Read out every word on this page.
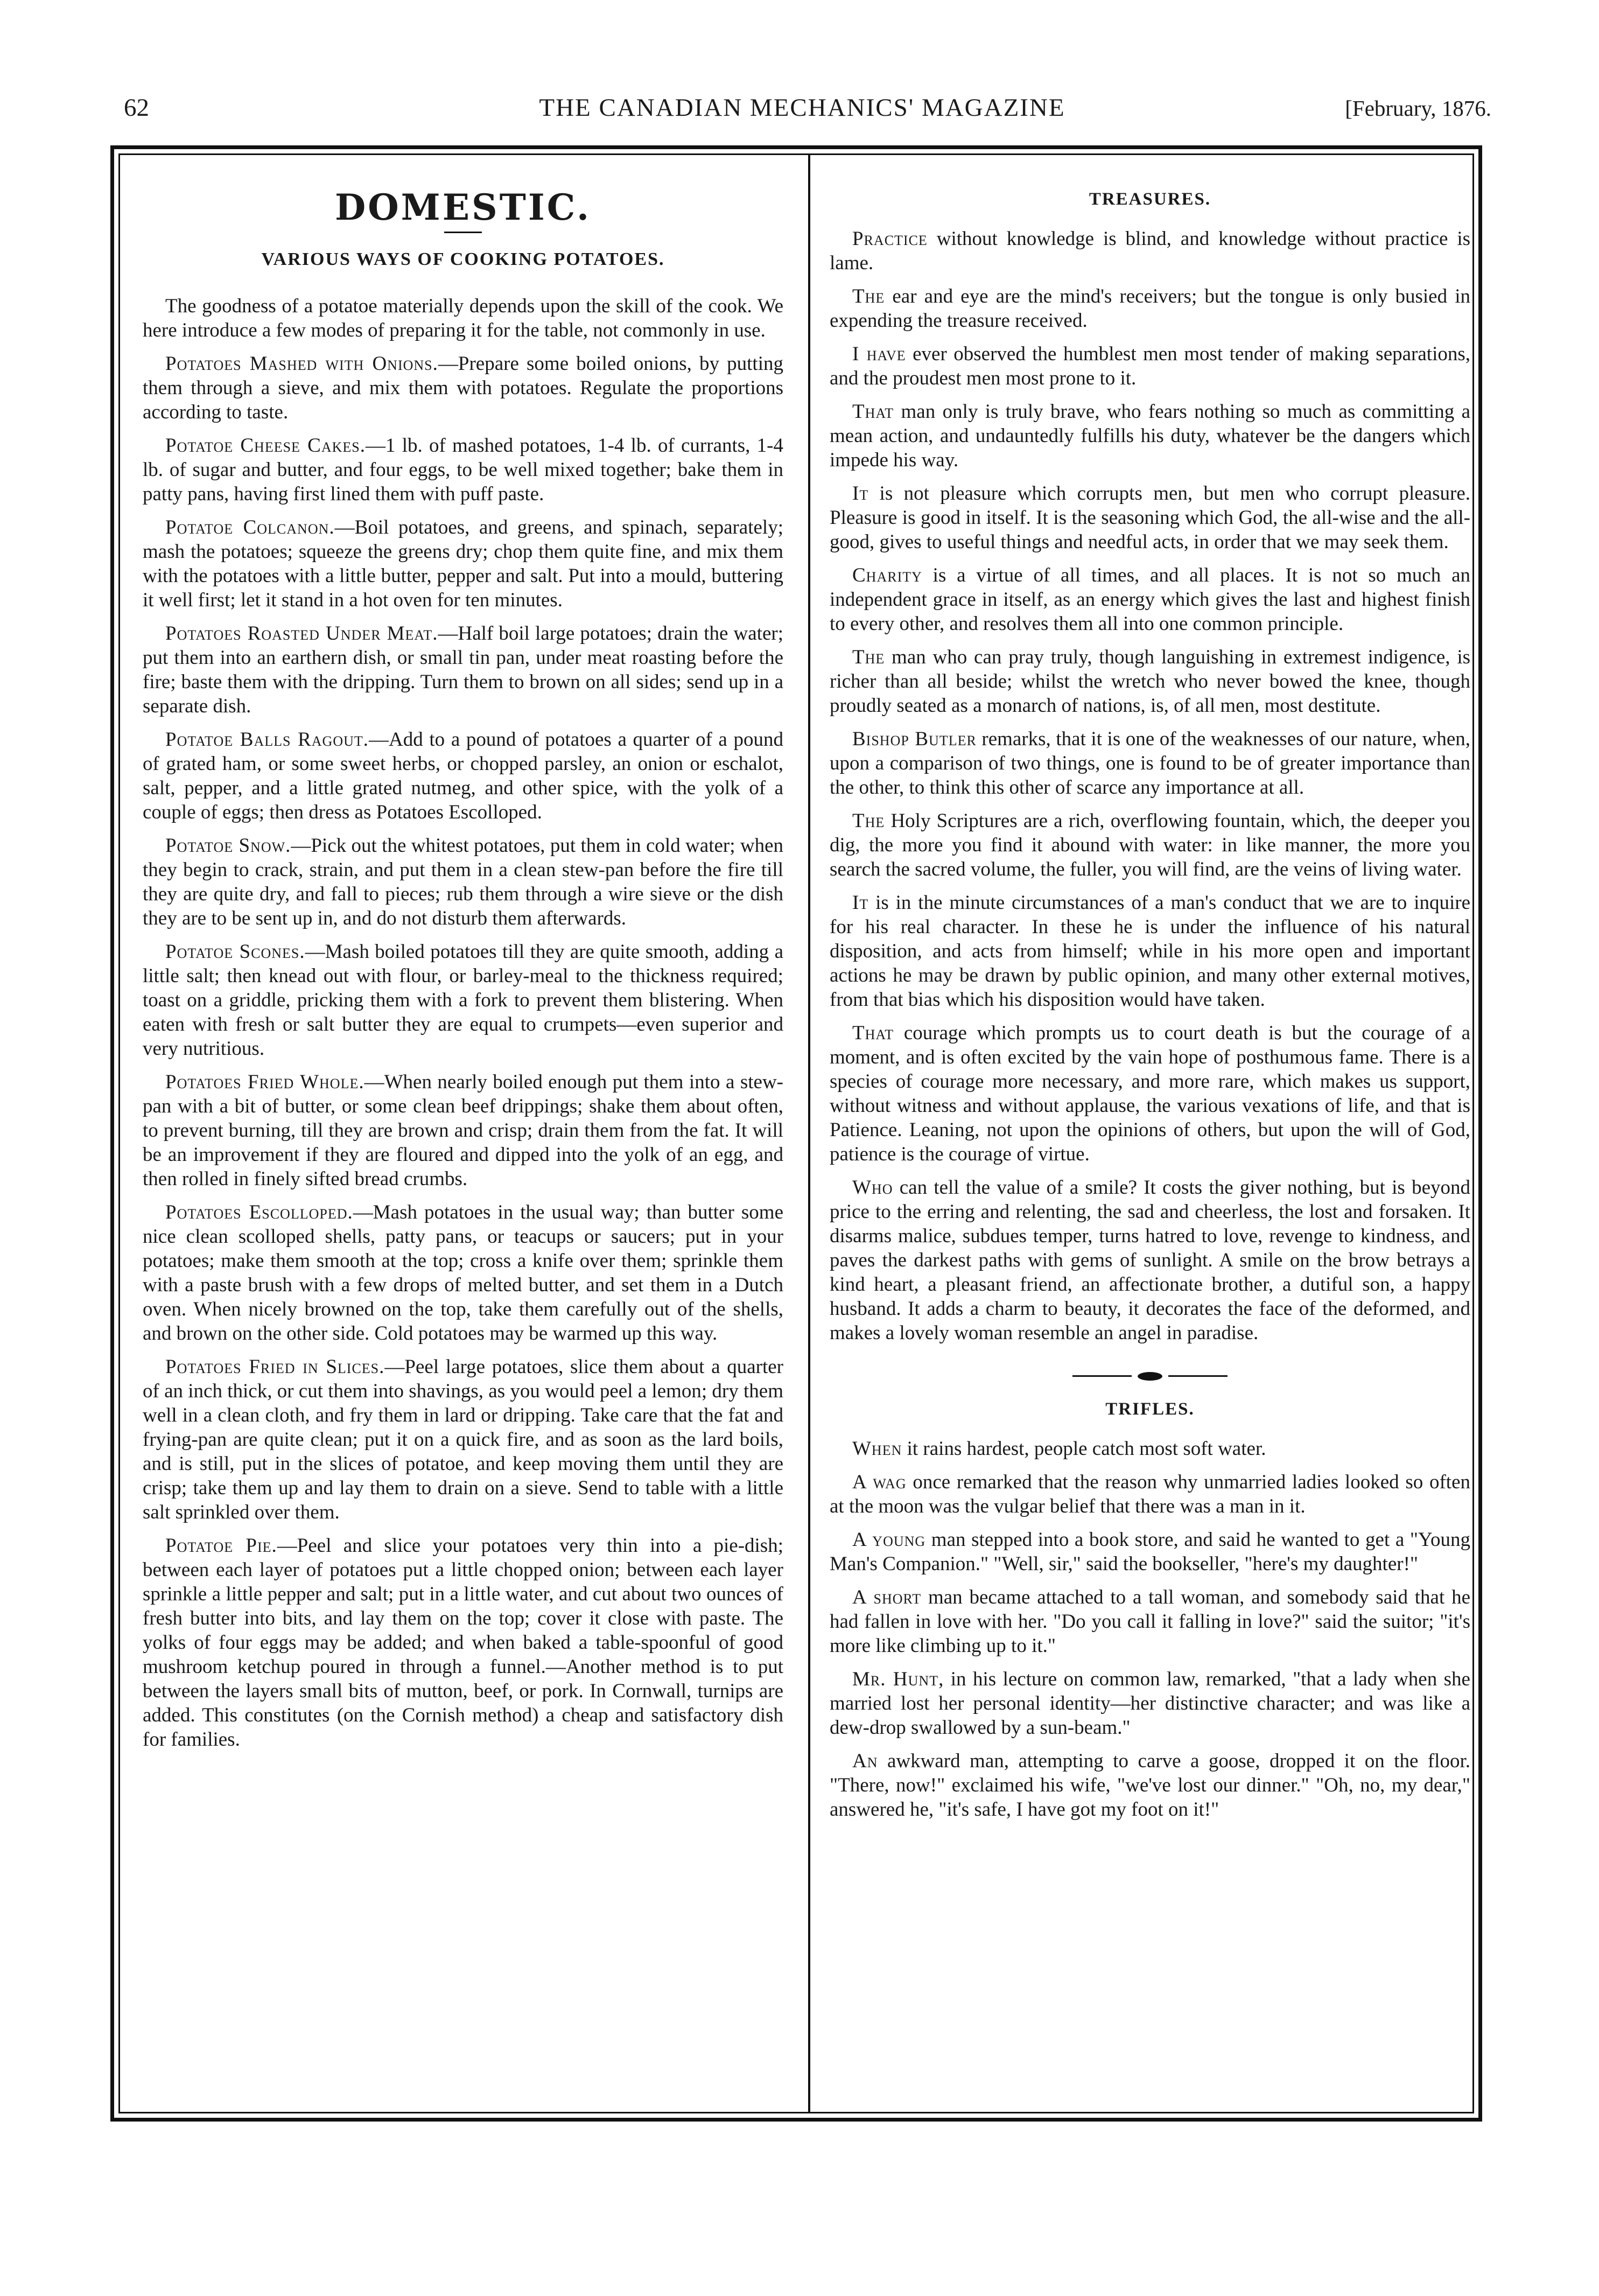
62	THE CANADIAN MECHANICS' MAGAZINE	[February, 1876.
DOMESTIC.
VARIOUS WAYS OF COOKING POTATOES.

The goodness of a potatoe materially depends upon the skill of the cook. We here introduce a few modes of preparing it for the table, not commonly in use.

Potatoes Mashed with Onions.—Prepare some boiled onions, by putting them through a sieve, and mix them with potatoes. Regulate the proportions according to taste.

Potatoe Cheese Cakes.—1 lb. of mashed potatoes, 1-4 lb. of currants, 1-4 lb. of sugar and butter, and four eggs, to be well mixed together; bake them in patty pans, having first lined them with puff paste.

Potatoe Colcanon.—Boil potatoes, and greens, and spinach, separately; mash the potatoes; squeeze the greens dry; chop them quite fine, and mix them with the potatoes with a little butter, pepper and salt. Put into a mould, buttering it well first; let it stand in a hot oven for ten minutes.

Potatoes Roasted Under Meat.—Half boil large potatoes; drain the water; put them into an earthern dish, or small tin pan, under meat roasting before the fire; baste them with the dripping. Turn them to brown on all sides; send up in a separate dish.

Potatoe Balls Ragout.—Add to a pound of potatoes a quarter of a pound of grated ham, or some sweet herbs, or chopped parsley, an onion or eschalot, salt, pepper, and a little grated nutmeg, and other spice, with the yolk of a couple of eggs; then dress as Potatoes Escolloped.

Potatoe Snow.—Pick out the whitest potatoes, put them in cold water; when they begin to crack, strain, and put them in a clean stew-pan before the fire till they are quite dry, and fall to pieces; rub them through a wire sieve or the dish they are to be sent up in, and do not disturb them afterwards.

Potatoe Scones.—Mash boiled potatoes till they are quite smooth, adding a little salt; then knead out with flour, or barley-meal to the thickness required; toast on a griddle, pricking them with a fork to prevent them blistering. When eaten with fresh or salt butter they are equal to crumpets—even superior and very nutritious.

Potatoes Fried Whole.—When nearly boiled enough put them into a stew-pan with a bit of butter, or some clean beef drippings; shake them about often, to prevent burning, till they are brown and crisp; drain them from the fat. It will be an improvement if they are floured and dipped into the yolk of an egg, and then rolled in finely sifted bread crumbs.

Potatoes Escolloped.—Mash potatoes in the usual way; than butter some nice clean scolloped shells, patty pans, or teacups or saucers; put in your potatoes; make them smooth at the top; cross a knife over them; sprinkle them with a paste brush with a few drops of melted butter, and set them in a Dutch oven. When nicely browned on the top, take them carefully out of the shells, and brown on the other side. Cold potatoes may be warmed up this way.

Potatoes Fried in Slices.—Peel large potatoes, slice them about a quarter of an inch thick, or cut them into shavings, as you would peel a lemon; dry them well in a clean cloth, and fry them in lard or dripping. Take care that the fat and frying-pan are quite clean; put it on a quick fire, and as soon as the lard boils, and is still, put in the slices of potatoe, and keep moving them until they are crisp; take them up and lay them to drain on a sieve. Send to table with a little salt sprinkled over them.

Potatoe Pie.—Peel and slice your potatoes very thin into a pie-dish; between each layer of potatoes put a little chopped onion; between each layer sprinkle a little pepper and salt; put in a little water, and cut about two ounces of fresh butter into bits, and lay them on the top; cover it close with paste. The yolks of four eggs may be added; and when baked a table-spoonful of good mushroom ketchup poured in through a funnel.—Another method is to put between the layers small bits of mutton, beef, or pork. In Cornwall, turnips are added. This constitutes (on the Cornish method) a cheap and satisfactory dish for families.

TREASURES.

Practice without knowledge is blind, and knowledge without practice is lame.

The ear and eye are the mind's receivers; but the tongue is only busied in expending the treasure received.

I have ever observed the humblest men most tender of making separations, and the proudest men most prone to it.

That man only is truly brave, who fears nothing so much as committing a mean action, and undauntedly fulfills his duty, whatever be the dangers which impede his way.

It is not pleasure which corrupts men, but men who corrupt pleasure. Pleasure is good in itself. It is the seasoning which God, the all-wise and the all-good, gives to useful things and needful acts, in order that we may seek them.

Charity is a virtue of all times, and all places. It is not so much an independent grace in itself, as an energy which gives the last and highest finish to every other, and resolves them all into one common principle.

The man who can pray truly, though languishing in extremest indigence, is richer than all beside; whilst the wretch who never bowed the knee, though proudly seated as a monarch of nations, is, of all men, most destitute.

Bishop Butler remarks, that it is one of the weaknesses of our nature, when, upon a comparison of two things, one is found to be of greater importance than the other, to think this other of scarce any importance at all.

The Holy Scriptures are a rich, overflowing fountain, which, the deeper you dig, the more you find it abound with water: in like manner, the more you search the sacred volume, the fuller, you will find, are the veins of living water.

It is in the minute circumstances of a man's conduct that we are to inquire for his real character. In these he is under the influence of his natural disposition, and acts from himself; while in his more open and important actions he may be drawn by public opinion, and many other external motives, from that bias which his disposition would have taken.

That courage which prompts us to court death is but the courage of a moment, and is often excited by the vain hope of posthumous fame. There is a species of courage more necessary, and more rare, which makes us support, without witness and without applause, the various vexations of life, and that is Patience. Leaning, not upon the opinions of others, but upon the will of God, patience is the courage of virtue.

Who can tell the value of a smile? It costs the giver nothing, but is beyond price to the erring and relenting, the sad and cheerless, the lost and forsaken. It disarms malice, subdues temper, turns hatred to love, revenge to kindness, and paves the darkest paths with gems of sunlight. A smile on the brow betrays a kind heart, a pleasant friend, an affectionate brother, a dutiful son, a happy husband. It adds a charm to beauty, it decorates the face of the deformed, and makes a lovely woman resemble an angel in paradise.

TRIFLES.

When it rains hardest, people catch most soft water.

A wag once remarked that the reason why unmarried ladies looked so often at the moon was the vulgar belief that there was a man in it.

A young man stepped into a book store, and said he wanted to get a "Young Man's Companion." "Well, sir," said the bookseller, "here's my daughter!"

A short man became attached to a tall woman, and somebody said that he had fallen in love with her. "Do you call it falling in love?" said the suitor; "it's more like climbing up to it."

Mr. Hunt, in his lecture on common law, remarked, "that a lady when she married lost her personal identity—her distinctive character; and was like a dew-drop swallowed by a sun-beam."

An awkward man, attempting to carve a goose, dropped it on the floor. "There, now!" exclaimed his wife, "we've lost our dinner." "Oh, no, my dear," answered he, "it's safe, I have got my foot on it!"
